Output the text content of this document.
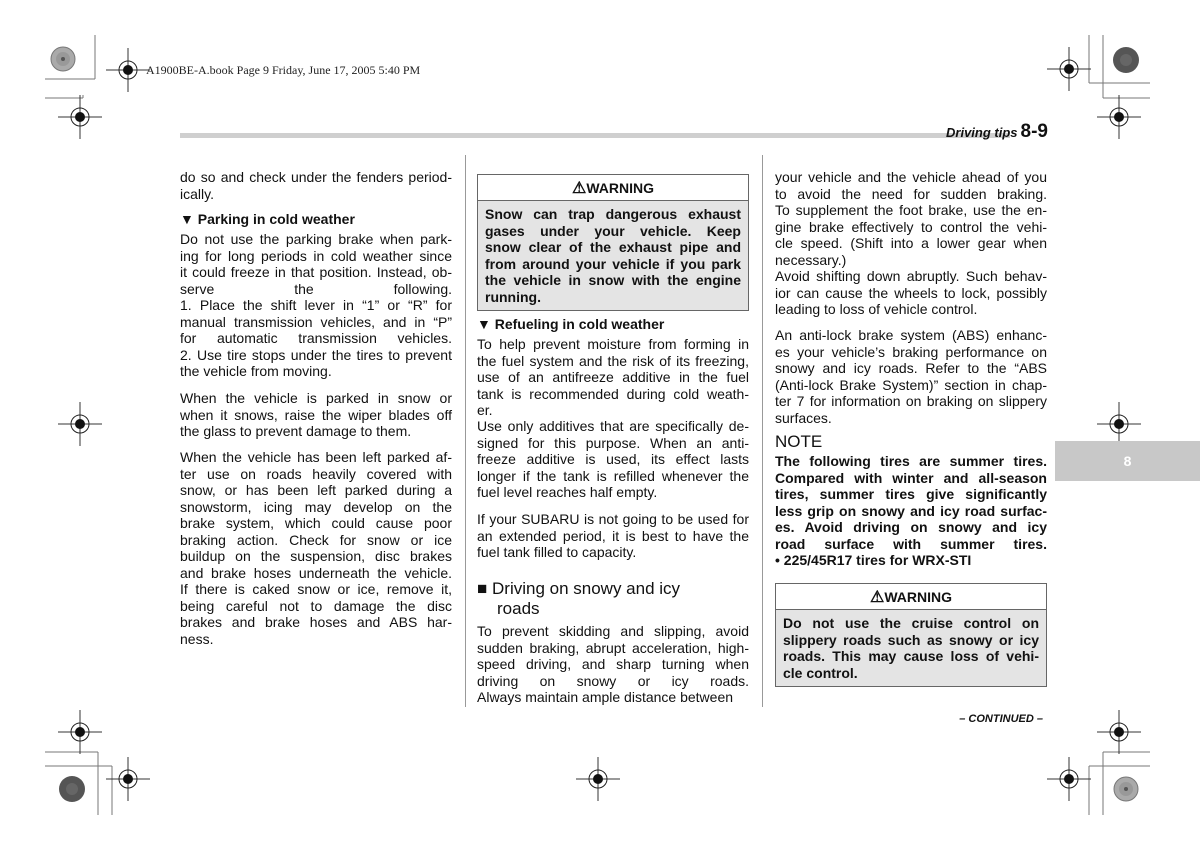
A1900BE-A.book Page 9 Friday, June 17, 2005 5:40 PM
Driving tips 8-9
do so and check under the fenders period-
ically.
▼ Parking in cold weather
Do not use the parking brake when park-
ing for long periods in cold weather since
it could freeze in that position. Instead, ob-
serve the following.
1. Place the shift lever in “1” or “R” for
manual transmission vehicles, and in “P”
for automatic transmission vehicles.
2. Use tire stops under the tires to prevent
the vehicle from moving.
When the vehicle is parked in snow or
when it snows, raise the wiper blades off
the glass to prevent damage to them.
When the vehicle has been left parked af-
ter use on roads heavily covered with
snow, or has been left parked during a
snowstorm, icing may develop on the
brake system, which could cause poor
braking action. Check for snow or ice
buildup on the suspension, disc brakes
and brake hoses underneath the vehicle.
If there is caked snow or ice, remove it,
being careful not to damage the disc
brakes and brake hoses and ABS har-
ness.
⚠ WARNING
Snow can trap dangerous exhaust
gases under your vehicle. Keep
snow clear of the exhaust pipe and
from around your vehicle if you park
the vehicle in snow with the engine
running.
▼ Refueling in cold weather
To help prevent moisture from forming in
the fuel system and the risk of its freezing,
use of an antifreeze additive in the fuel
tank is recommended during cold weath-
er.
Use only additives that are specifically de-
signed for this purpose. When an anti-
freeze additive is used, its effect lasts
longer if the tank is refilled whenever the
fuel level reaches half empty.
If your SUBARU is not going to be used for
an extended period, it is best to have the
fuel tank filled to capacity.
■ Driving on snowy and icy
roads
To prevent skidding and slipping, avoid
sudden braking, abrupt acceleration, high-
speed driving, and sharp turning when
driving on snowy or icy roads.
Always maintain ample distance between
your vehicle and the vehicle ahead of you
to avoid the need for sudden braking.
To supplement the foot brake, use the en-
gine brake effectively to control the vehi-
cle speed. (Shift into a lower gear when
necessary.)
Avoid shifting down abruptly. Such behav-
ior can cause the wheels to lock, possibly
leading to loss of vehicle control.
An anti-lock brake system (ABS) enhanc-
es your vehicle’s braking performance on
snowy and icy roads. Refer to the “ABS
(Anti-lock Brake System)” section in chap-
ter 7 for information on braking on slippery
surfaces.
NOTE
The following tires are summer tires.
Compared with winter and all-season
tires, summer tires give significantly
less grip on snowy and icy road surfac-
es. Avoid driving on snowy and icy
road surface with summer tires.
• 225/45R17 tires for WRX-STI
⚠ WARNING
Do not use the cruise control on
slippery roads such as snowy or icy
roads. This may cause loss of vehi-
cle control.
8
– CONTINUED –
